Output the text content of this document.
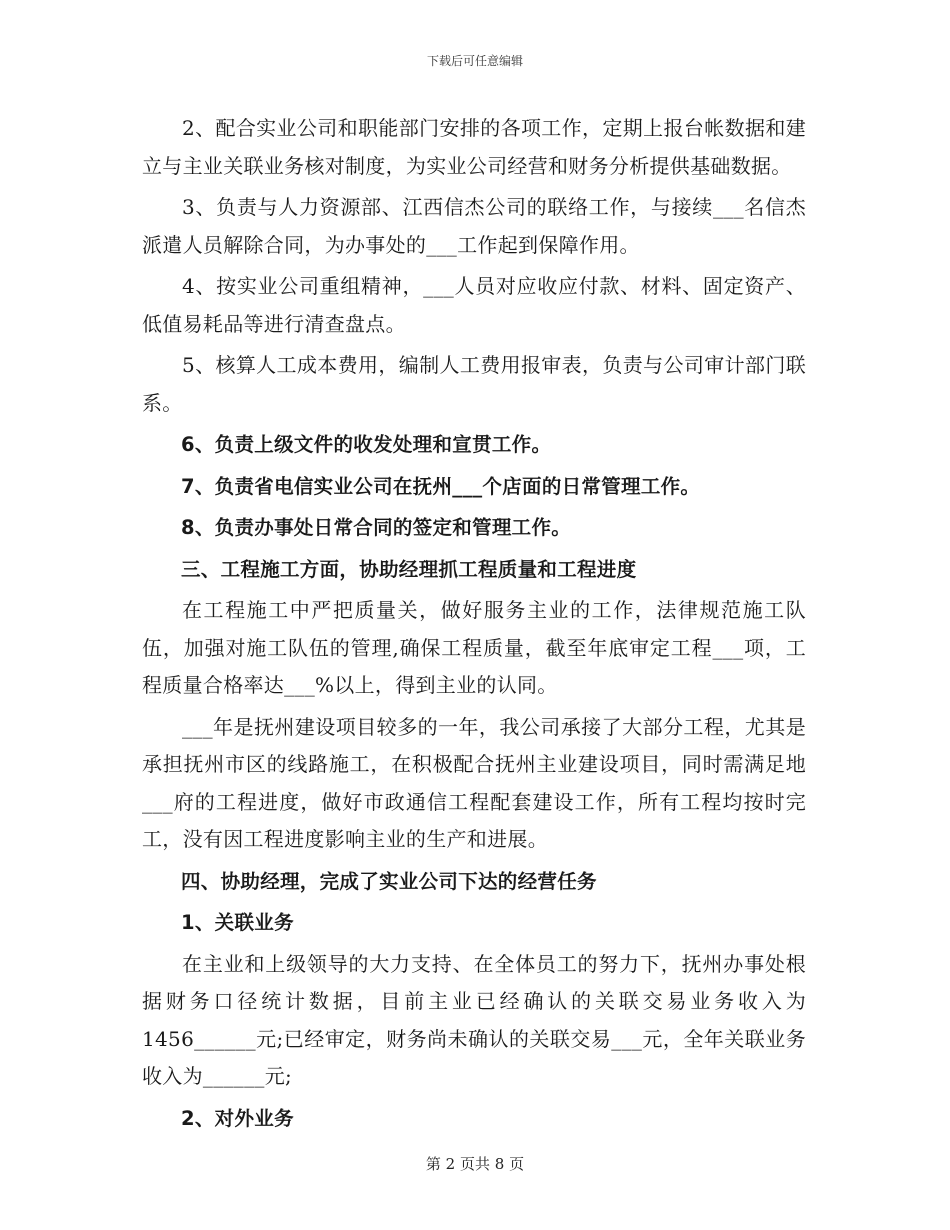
下载后可任意编辑

2、配合实业公司和职能部门安排的各项工作，定期上报台帐数据和建立与主业关联业务核对制度，为实业公司经营和财务分析提供基础数据。

3、负责与人力资源部、江西信杰公司的联络工作，与接续___名信杰派遣人员解除合同，为办事处的___工作起到保障作用。

4、按实业公司重组精神，___人员对应收应付款、材料、固定资产、低值易耗品等进行清查盘点。

5、核算人工成本费用，编制人工费用报审表，负责与公司审计部门联系。

6、负责上级文件的收发处理和宣贯工作。

7、负责省电信实业公司在抚州___个店面的日常管理工作。

8、负责办事处日常合同的签定和管理工作。

三、工程施工方面，协助经理抓工程质量和工程进度

在工程施工中严把质量关，做好服务主业的工作，法律规范施工队伍，加强对施工队伍的管理,确保工程质量，截至年底审定工程___项，工程质量合格率达___%以上，得到主业的认同。

___年是抚州建设项目较多的一年，我公司承接了大部分工程，尤其是承担抚州市区的线路施工，在积极配合抚州主业建设项目，同时需满足地___府的工程进度，做好市政通信工程配套建设工作，所有工程均按时完工，没有因工程进度影响主业的生产和进展。

四、协助经理，完成了实业公司下达的经营任务

1、关联业务

在主业和上级领导的大力支持、在全体员工的努力下，抚州办事处根据财务口径统计数据，目前主业已经确认的关联交易业务收入为1456______元;已经审定，财务尚未确认的关联交易___元，全年关联业务收入为______元;

2、对外业务

第 2 页共 8 页
